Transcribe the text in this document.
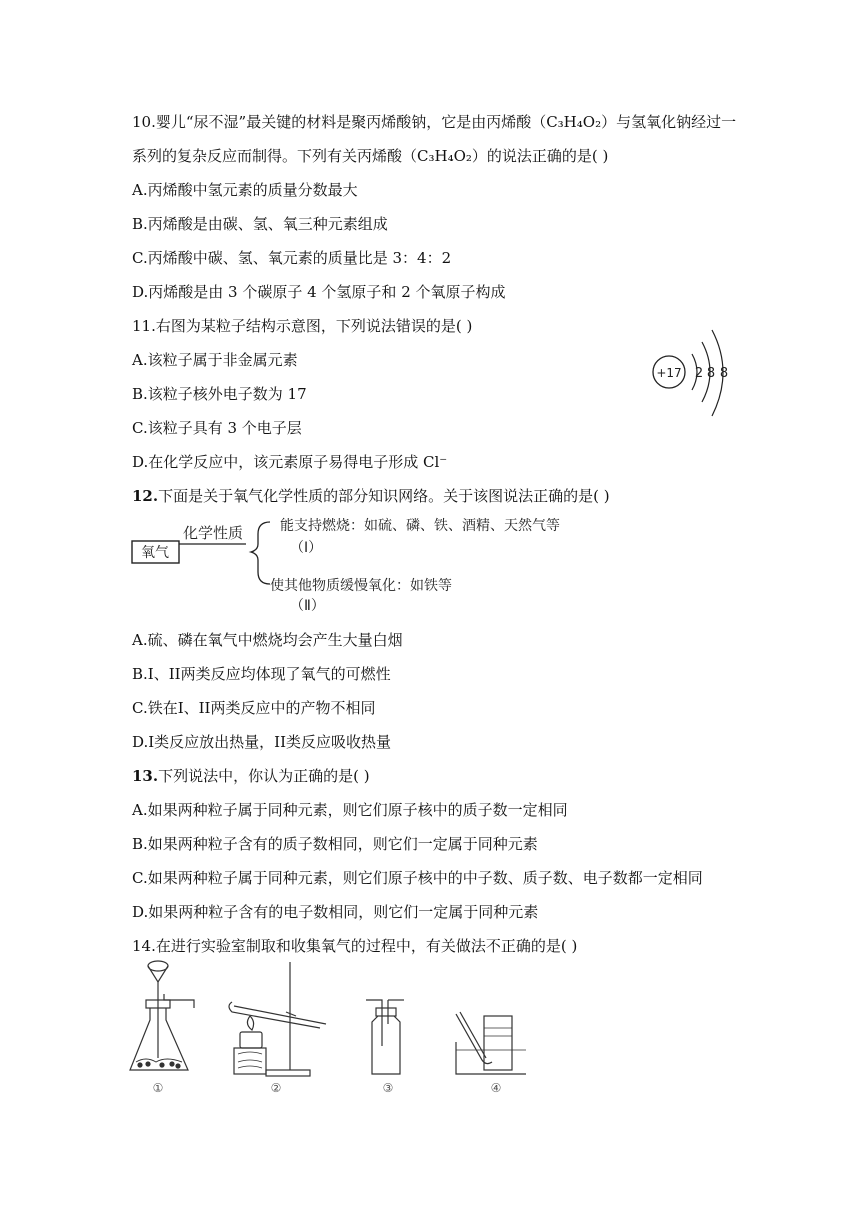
10.婴儿“尿不湿”最关键的材料是聚丙烯酸钠，它是由丙烯酸（C₃H₄O₂）与氢氧化钠经过一
系列的复杂反应而制得。下列有关丙烯酸（C₃H₄O₂）的说法正确的是( )
A.丙烯酸中氢元素的质量分数最大
B.丙烯酸是由碳、氢、氧三种元素组成
C.丙烯酸中碳、氢、氧元素的质量比是 3：4：2
D.丙烯酸是由 3 个碳原子 4 个氢原子和 2 个氧原子构成
11.右图为某粒子结构示意图，下列说法错误的是( )
A.该粒子属于非金属元素
B.该粒子核外电子数为 17
C.该粒子具有 3 个电子层
D.在化学反应中，该元素原子易得电子形成 Cl⁻
+17 2 8 8
12.下面是关于氧气化学性质的部分知识网络。关于该图说法正确的是( )
氧气
化学性质	能支持燃烧：如硫、磷、铁、酒精、天然气等
（Ⅰ）
使其他物质缓慢氧化：如铁等
（Ⅱ）
A.硫、磷在氧气中燃烧均会产生大量白烟
B.I、II两类反应均体现了氧气的可燃性
C.铁在I、II两类反应中的产物不相同
D.I类反应放出热量，II类反应吸收热量
13.下列说法中，你认为正确的是( )
A.如果两种粒子属于同种元素，则它们原子核中的质子数一定相同
B.如果两种粒子含有的质子数相同，则它们一定属于同种元素
C.如果两种粒子属于同种元素，则它们原子核中的中子数、质子数、电子数都一定相同
D.如果两种粒子含有的电子数相同，则它们一定属于同种元素
14.在进行实验室制取和收集氧气的过程中，有关做法不正确的是( )
①	②	③	④
